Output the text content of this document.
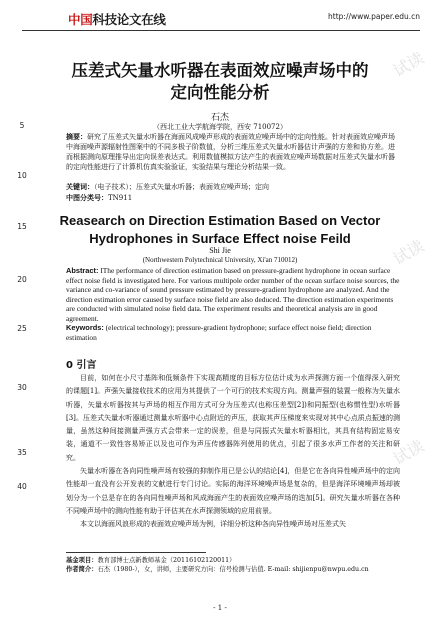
中国科技论文在线	http://www.paper.edu.cn
试读
试读
试读
5
10
15
20
25
30
35
40
压差式矢量水听器在表面效应噪声场中的
定向性能分析
石杰
（西北工业大学航海学院，西安 710072）
摘要：研究了压差式矢量水听器在海面风成噪声形成的表面效应噪声场中的定向性能。针对表面效应噪声场中海面噪声源辐射性图案中的不同多极子阶数值，分析三维压差式矢量水听器估计声强的方差和协方差。进而根据测向原理推导出定向误差表达式。利用数值模拟方法产生的表面效应噪声场数据对压差式矢量水听器的定向性能进行了计算机仿真实验验证，实验结果与理论分析结果一致。
关键词：（电子技术）；压差式矢量水听器；表面效应噪声场；定向
中图分类号：TN911
Reasearch on Direction Estimation Based on Vector
Hydrophones in Surface Effect noise Feild
Shi Jie
(Northwestern Polytechnical University, Xi'an 710012)
Abstract: IThe performance of direction estimation based on pressure-gradient hydrophone in ocean surface effect noise field is investigated here. For various multipole order number of the ocean surface noise sources, the variance and co-variance of sound pressure estimated by pressure-gradient hydrophone are analyzed. And the direction estimation error caused by surface noise field are also deduced. The direction estimation experiments are conducted with simulated noise field data. The experiment results and theoretical analysis are in good agreement.
Keywords: (electrical technology); pressure-gradient hydrophone; surface effect noise field; direction estimation
0 引言

目前，如何在小尺寸基阵和低频条件下实现高精度的目标方位估计成为水声探测方面一个值得深入研究的课题[1]。声强矢量接收技术的应用为其提供了一个可行的技术实现方向。测量声强的装置一般称为矢量水听器，矢量水听器按其与声场的相互作用方式可分为压差式(也称压差型[2])和同振型(也称惯性型)水听器[3]。压差式矢量水听器通过测量水听器中心点附近的声压，获取其声压梯度来实现对其中心点质点振速的测量，虽然这种间接测量声强方式会带来一定的误差，但是与同振式矢量水听器相比，其具有结构固定易安装，通道不一致性容易矫正以及也可作为声压传感器阵列使用的优点，引起了很多水声工作者的关注和研究。

矢量水听器在各向同性噪声场有较强的抑制作用已是公认的结论[4]，但是它在各向异性噪声场中的定向性能却一直没有公开发表的文献进行专门讨论。实际的海洋环境噪声场是复杂的，但是海洋环境噪声场却被划分为一个总是存在的各向同性噪声场和风成海面产生的表面效应噪声场的迭加[5]。研究矢量水听器在各种不同噪声场中的测向性能有助于评估其在水声探测领域的应用前景。

本文以海面风浪形成的表面效应噪声场为例，详细分析这种各向异性噪声场对压差式矢

基金项目：教育部博士点新教师基金（20116102120011）
作者简介：石杰（1980-），女，讲师，主要研究方向：信号检测与估值. E-mail: shijienpu@nwpu.edu.cn
- 1 -
